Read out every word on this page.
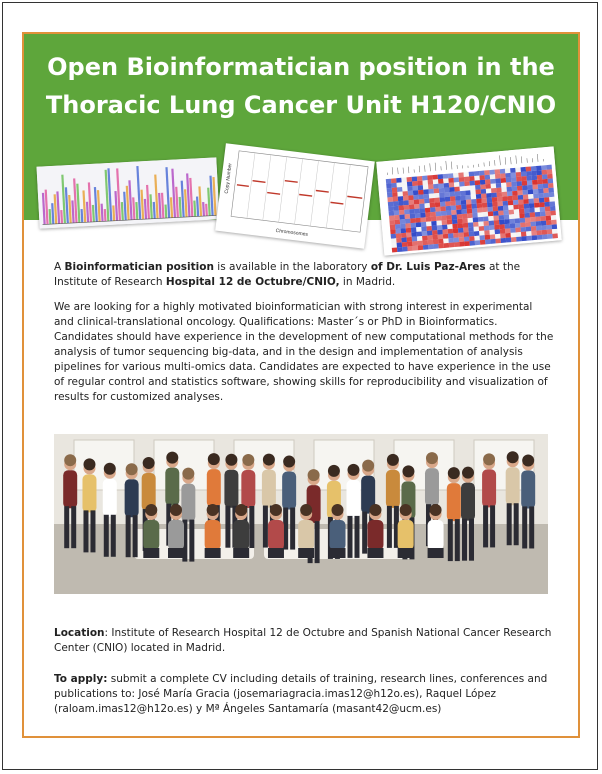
Open Bioinformatician position in the
Thoracic Lung Cancer Unit H120/CNIO

Copy Number
Chromosomes

A Bioinformatician position is available in the laboratory of Dr. Luis Paz-Ares at the Institute of Research Hospital 12 de Octubre/CNIO, in Madrid.

We are looking for a highly motivated bioinformatician with strong interest in experimental and clinical-translational oncology. Qualifications: Master´s or PhD in Bioinformatics. Candidates should have experience in the development of new computational methods for the analysis of tumor sequencing big-data, and in the design and implementation of analysis pipelines for various multi-omics data. Candidates are expected to have experience in the use of regular control and statistics software, showing skills for reproducibility and visualization of results for customized analyses.

Location: Institute of Research Hospital 12 de Octubre and Spanish National Cancer Research Center (CNIO) located in Madrid.

To apply: submit a complete CV including details of training, research lines, conferences and publications to: José María Gracia (josemariagracia.imas12@h12o.es), Raquel López (raloam.imas12@h12o.es) y Mª Ángeles Santamaría (masant42@ucm.es)
